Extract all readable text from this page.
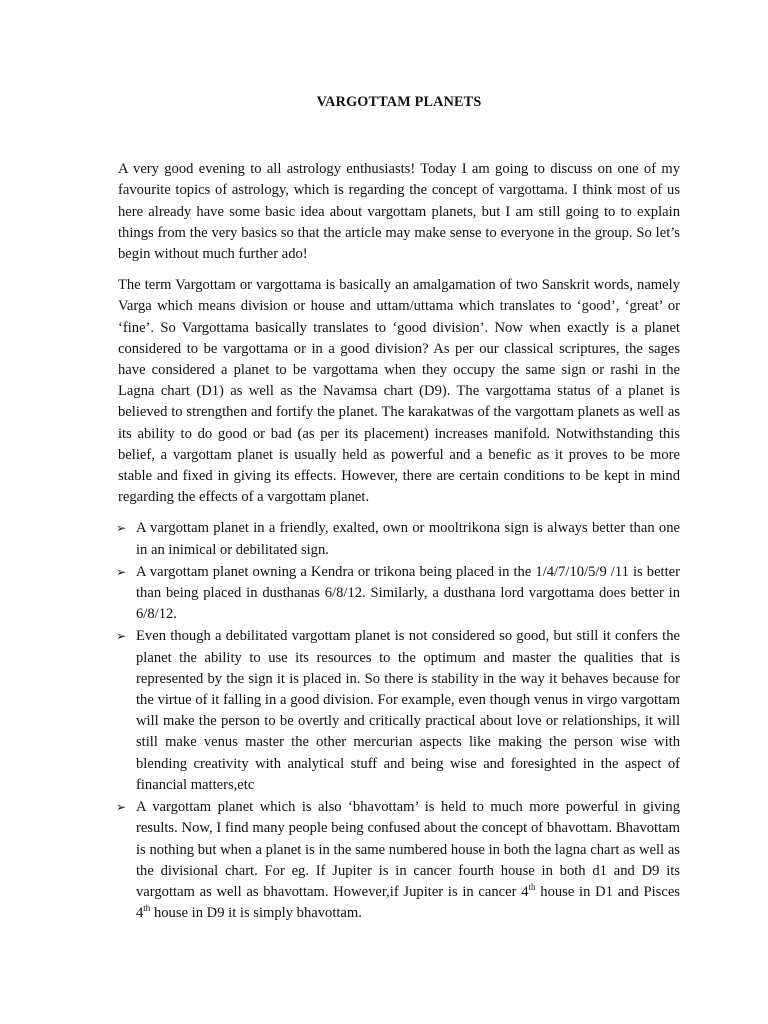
VARGOTTAM PLANETS

A very good evening to all astrology enthusiasts! Today I am going to discuss on one of my favourite topics of astrology, which is regarding the concept of vargottama. I think most of us here already have some basic idea about vargottam planets, but I am still going to to explain things from the very basics so that the article may make sense to everyone in the group. So let’s begin without much further ado!

The term Vargottam or vargottama is basically an amalgamation of two Sanskrit words, namely Varga which means division or house and uttam/uttama which translates to ‘good’, ‘great’ or ‘fine’. So Vargottama basically translates to ‘good division’. Now when exactly is a planet considered to be vargottama or in a good division? As per our classical scriptures, the sages have considered a planet to be vargottama when they occupy the same sign or rashi in the Lagna chart (D1) as well as the Navamsa chart (D9). The vargottama status of a planet is believed to strengthen and fortify the planet. The karakatwas of the vargottam planets as well as its ability to do good or bad (as per its placement) increases manifold. Notwithstanding this belief, a vargottam planet is usually held as powerful and a benefic as it proves to be more stable and fixed in giving its effects. However, there are certain conditions to be kept in mind regarding the effects of a vargottam planet.

➢ A vargottam planet in a friendly, exalted, own or mooltrikona sign is always better than one in an inimical or debilitated sign.
➢ A vargottam planet owning a Kendra or trikona being placed in the 1/4/7/10/5/9 /11 is better than being placed in dusthanas 6/8/12. Similarly, a dusthana lord vargottama does better in 6/8/12.
➢ Even though a debilitated vargottam planet is not considered so good, but still it confers the planet the ability to use its resources to the optimum and master the qualities that is represented by the sign it is placed in. So there is stability in the way it behaves because for the virtue of it falling in a good division. For example, even though venus in virgo vargottam will make the person to be overtly and critically practical about love or relationships, it will still make venus master the other mercurian aspects like making the person wise with blending creativity with analytical stuff and being wise and foresighted in the aspect of financial matters,etc
➢ A vargottam planet which is also ‘bhavottam’ is held to much more powerful in giving results. Now, I find many people being confused about the concept of bhavottam. Bhavottam is nothing but when a planet is in the same numbered house in both the lagna chart as well as the divisional chart. For eg. If Jupiter is in cancer fourth house in both d1 and D9 its vargottam as well as bhavottam. However,if Jupiter is in cancer 4th house in D1 and Pisces 4th house in D9 it is simply bhavottam.
